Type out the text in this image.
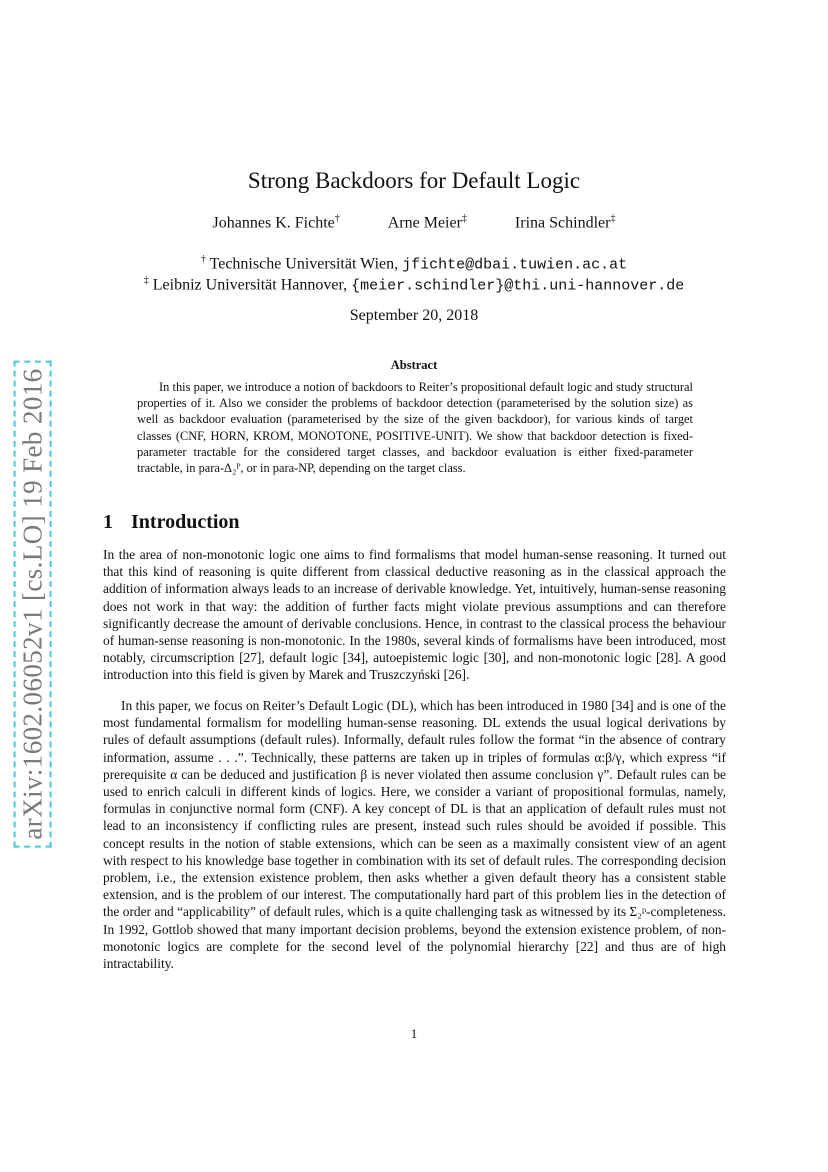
arXiv:1602.06052v1 [cs.LO] 19 Feb 2016
Strong Backdoors for Default Logic
Johannes K. Fichte†	Arne Meier‡	Irina Schindler‡
† Technische Universität Wien, jfichte@dbai.tuwien.ac.at
‡ Leibniz Universität Hannover, {meier.schindler}@thi.uni-hannover.de
September 20, 2018
Abstract

In this paper, we introduce a notion of backdoors to Reiter’s propositional default logic and study structural properties of it. Also we consider the problems of backdoor detection (parameterised by the solution size) as well as backdoor evaluation (parameterised by the size of the given backdoor), for various kinds of target classes (CNF, HORN, KROM, MONOTONE, POSITIVE-UNIT). We show that backdoor detection is fixed-parameter tractable for the considered target classes, and backdoor evaluation is either fixed-parameter tractable, in para-Δ₂ᴾ, or in para-NP, depending on the target class.

1 Introduction

In the area of non-monotonic logic one aims to find formalisms that model human-sense reasoning. It turned out that this kind of reasoning is quite different from classical deductive reasoning as in the classical approach the addition of information always leads to an increase of derivable knowledge. Yet, intuitively, human-sense reasoning does not work in that way: the addition of further facts might violate previous assumptions and can therefore significantly decrease the amount of derivable conclusions. Hence, in contrast to the classical process the behaviour of human-sense reasoning is non-monotonic. In the 1980s, several kinds of formalisms have been introduced, most notably, circumscription [27], default logic [34], autoepistemic logic [30], and non-monotonic logic [28]. A good introduction into this field is given by Marek and Truszczyński [26].

In this paper, we focus on Reiter’s Default Logic (DL), which has been introduced in 1980 [34] and is one of the most fundamental formalism for modelling human-sense reasoning. DL extends the usual logical derivations by rules of default assumptions (default rules). Informally, default rules follow the format “in the absence of contrary information, assume . . .”. Technically, these patterns are taken up in triples of formulas α:β/γ, which express “if prerequisite α can be deduced and justification β is never violated then assume conclusion γ”. Default rules can be used to enrich calculi in different kinds of logics. Here, we consider a variant of propositional formulas, namely, formulas in conjunctive normal form (CNF). A key concept of DL is that an application of default rules must not lead to an inconsistency if conflicting rules are present, instead such rules should be avoided if possible. This concept results in the notion of stable extensions, which can be seen as a maximally consistent view of an agent with respect to his knowledge base together in combination with its set of default rules. The corresponding decision problem, i.e., the extension existence problem, then asks whether a given default theory has a consistent stable extension, and is the problem of our interest. The computationally hard part of this problem lies in the detection of the order and “applicability” of default rules, which is a quite challenging task as witnessed by its Σ₂ᵖ-completeness. In 1992, Gottlob showed that many important decision problems, beyond the extension existence problem, of non-monotonic logics are complete for the second level of the polynomial hierarchy [22] and thus are of high intractability.

1
